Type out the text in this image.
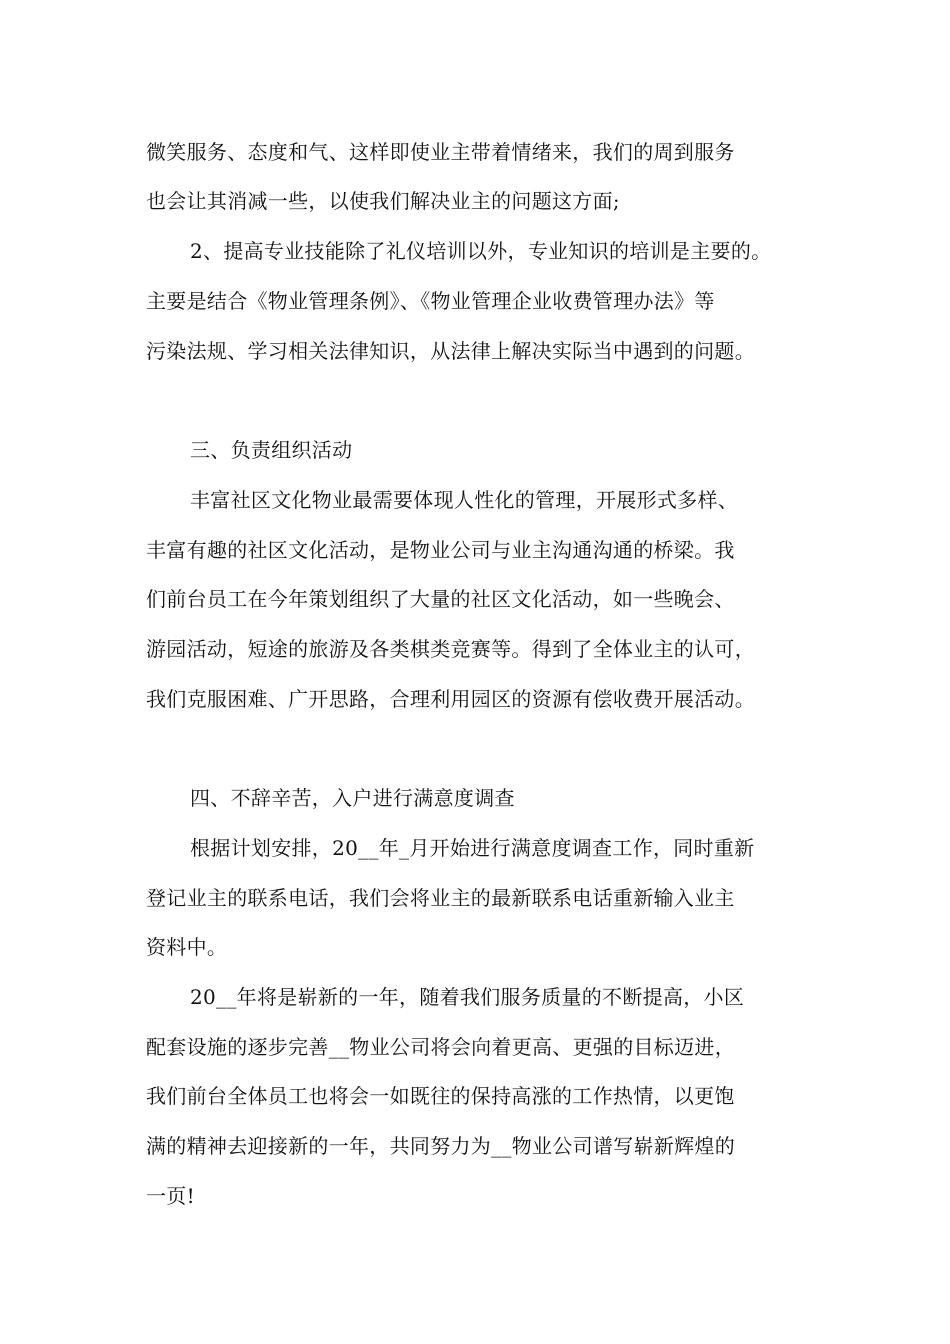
微笑服务、态度和气、这样即使业主带着情绪来，我们的周到服务
也会让其消减一些，以使我们解决业主的问题这方面;
2、提高专业技能除了礼仪培训以外，专业知识的培训是主要的。
主要是结合《物业管理条例》、《物业管理企业收费管理办法》等
污染法规、学习相关法律知识，从法律上解决实际当中遇到的问题。
三、负责组织活动
丰富社区文化物业最需要体现人性化的管理，开展形式多样、
丰富有趣的社区文化活动，是物业公司与业主沟通沟通的桥梁。我
们前台员工在今年策划组织了大量的社区文化活动，如一些晚会、
游园活动，短途的旅游及各类棋类竞赛等。得到了全体业主的认可，
我们克服困难、广开思路，合理利用园区的资源有偿收费开展活动。
四、不辞辛苦，入户进行满意度调查
根据计划安排，20__年_月开始进行满意度调查工作，同时重新
登记业主的联系电话，我们会将业主的最新联系电话重新输入业主
资料中。
20__年将是崭新的一年，随着我们服务质量的不断提高，小区
配套设施的逐步完善__物业公司将会向着更高、更强的目标迈进，
我们前台全体员工也将会一如既往的保持高涨的工作热情，以更饱
满的精神去迎接新的一年，共同努力为__物业公司谱写崭新辉煌的
一页!
